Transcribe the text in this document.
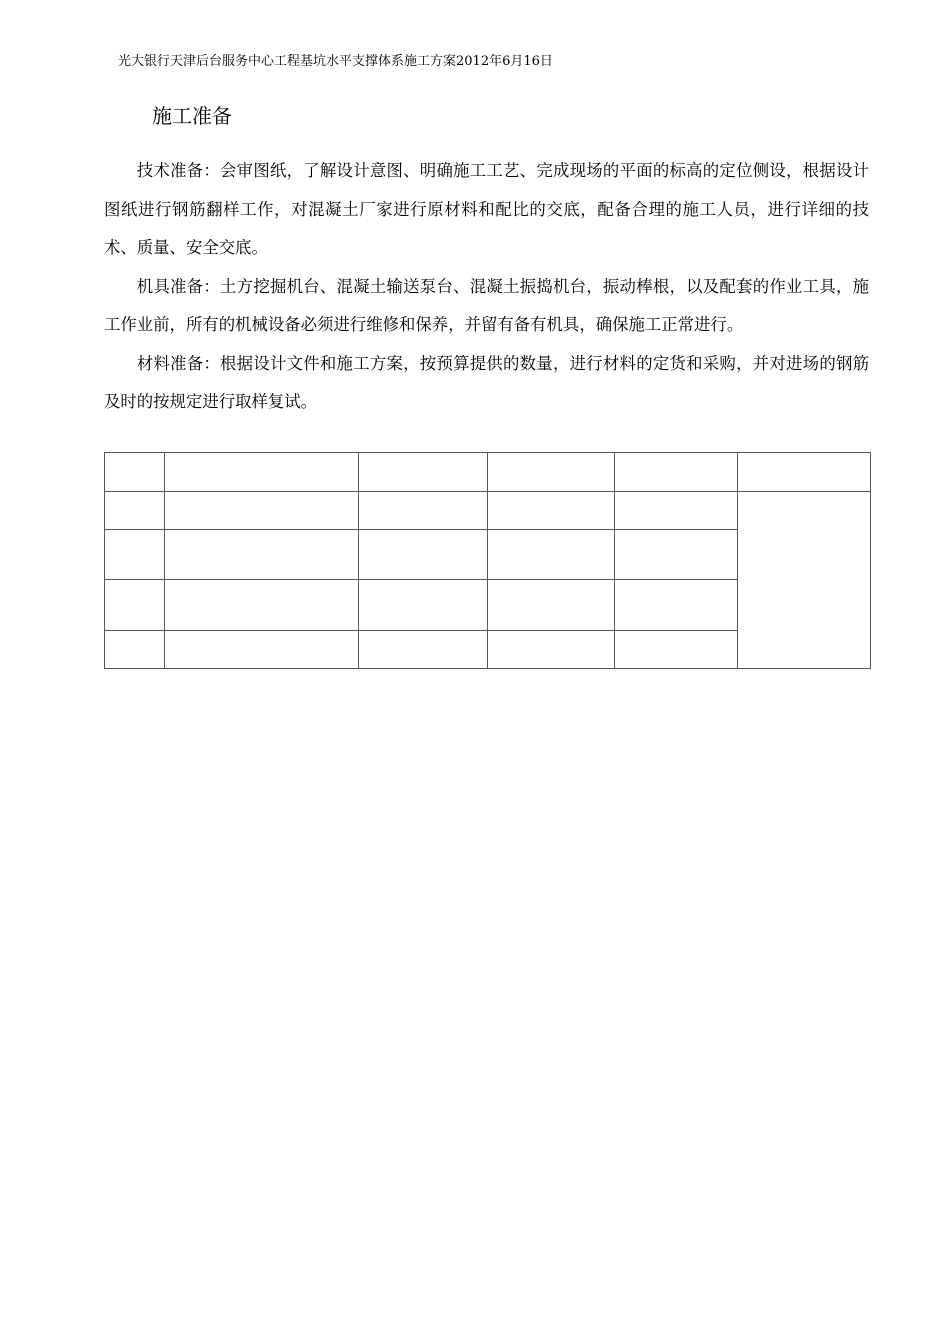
光大银行天津后台服务中心工程基坑水平支撑体系施工方案2012年6月16日
施工准备

技术准备：会审图纸，了解设计意图、明确施工工艺、完成现场的平面的标高的定位侧设，根据设计图纸进行钢筋翻样工作，对混凝土厂家进行原材料和配比的交底，配备合理的施工人员，进行详细的技术、质量、安全交底。

机具准备：土方挖掘机台、混凝土输送泵台、混凝土振捣机台，振动棒根，以及配套的作业工具，施工作业前，所有的机械设备必须进行维修和保养，并留有备有机具，确保施工正常进行。

材料准备：根据设计文件和施工方案，按预算提供的数量，进行材料的定货和采购，并对进场的钢筋及时的按规定进行取样复试。
